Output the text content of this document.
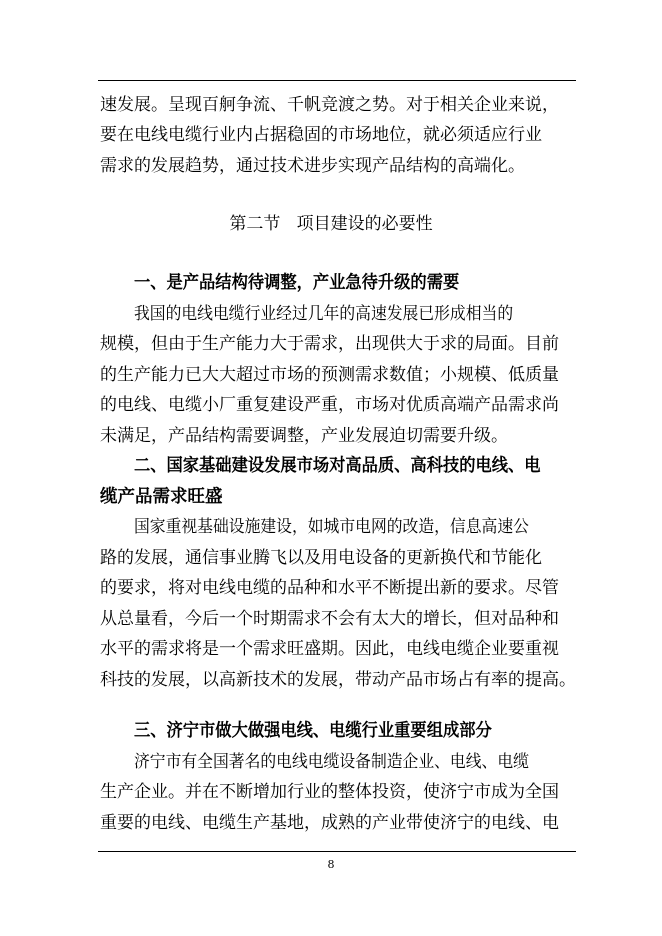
速发展。呈现百舸争流、千帆竞渡之势。对于相关企业来说，
要在电线电缆行业内占据稳固的市场地位，就必须适应行业
需求的发展趋势，通过技术进步实现产品结构的高端化。
第二节   项目建设的必要性
一、是产品结构待调整，产业急待升级的需要
我国的电线电缆行业经过几年的高速发展已形成相当的
规模，但由于生产能力大于需求，出现供大于求的局面。目前
的生产能力已大大超过市场的预测需求数值；小规模、低质量
的电线、电缆小厂重复建设严重，市场对优质高端产品需求尚
未满足，产品结构需要调整，产业发展迫切需要升级。
二、国家基础建设发展市场对高品质、高科技的电线、电
缆产品需求旺盛
国家重视基础设施建设，如城市电网的改造，信息高速公
路的发展，通信事业腾飞以及用电设备的更新换代和节能化
的要求，将对电线电缆的品种和水平不断提出新的要求。尽管
从总量看，今后一个时期需求不会有太大的增长，但对品种和
水平的需求将是一个需求旺盛期。因此，电线电缆企业要重视
科技的发展，以高新技术的发展，带动产品市场占有率的提高。
三、济宁市做大做强电线、电缆行业重要组成部分
济宁市有全国著名的电线电缆设备制造企业、电线、电缆
生产企业。并在不断增加行业的整体投资，使济宁市成为全国
重要的电线、电缆生产基地，成熟的产业带使济宁的电线、电
8
